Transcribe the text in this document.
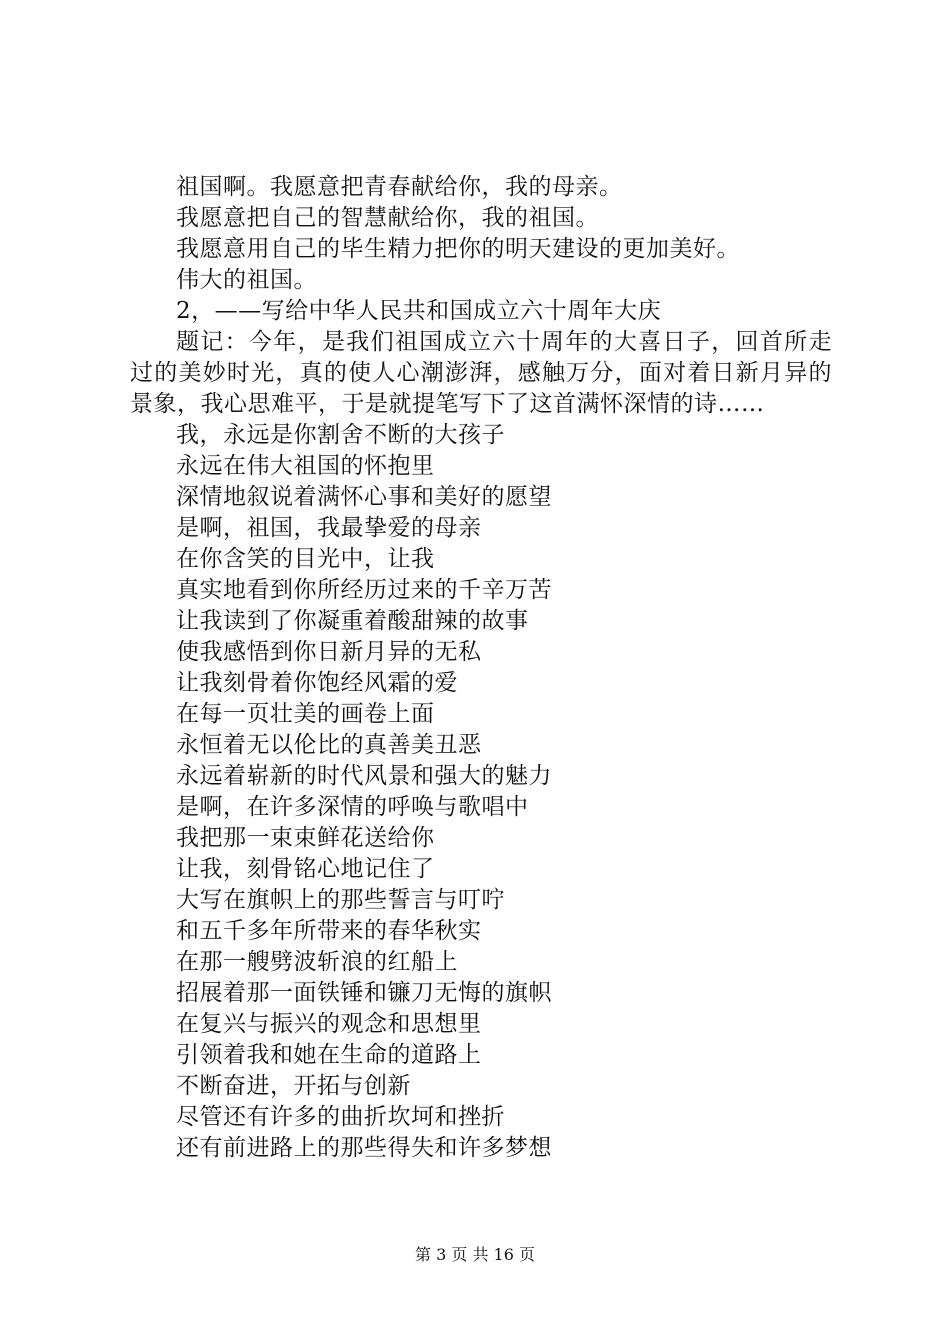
祖国啊。我愿意把青春献给你，我的母亲。
我愿意把自己的智慧献给你，我的祖国。
我愿意用自己的毕生精力把你的明天建设的更加美好。
伟大的祖国。
2，——写给中华人民共和国成立六十周年大庆
题记：今年，是我们祖国成立六十周年的大喜日子，回首所走过的美妙时光，真的使人心潮澎湃，感触万分，面对着日新月异的景象，我心思难平，于是就提笔写下了这首满怀深情的诗……
我，永远是你割舍不断的大孩子
永远在伟大祖国的怀抱里
深情地叙说着满怀心事和美好的愿望
是啊，祖国，我最挚爱的母亲
在你含笑的目光中，让我
真实地看到你所经历过来的千辛万苦
让我读到了你凝重着酸甜辣的故事
使我感悟到你日新月异的无私
让我刻骨着你饱经风霜的爱
在每一页壮美的画卷上面
永恒着无以伦比的真善美丑恶
永远着崭新的时代风景和强大的魅力
是啊，在许多深情的呼唤与歌唱中
我把那一束束鲜花送给你
让我，刻骨铭心地记住了
大写在旗帜上的那些誓言与叮咛
和五千多年所带来的春华秋实
在那一艘劈波斩浪的红船上
招展着那一面铁锤和镰刀无悔的旗帜
在复兴与振兴的观念和思想里
引领着我和她在生命的道路上
不断奋进，开拓与创新
尽管还有许多的曲折坎坷和挫折
还有前进路上的那些得失和许多梦想
第 3 页 共 16 页
